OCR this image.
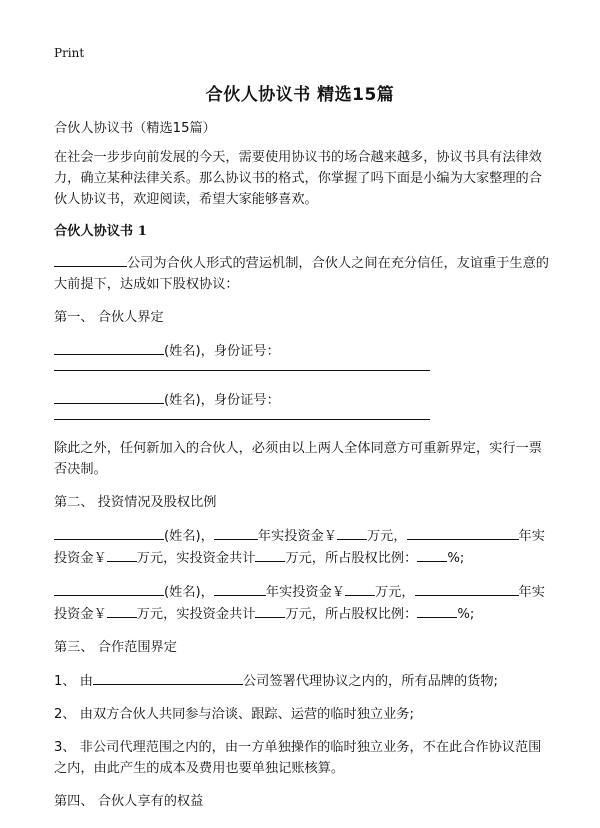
Print
合伙人协议书 精选15篇

合伙人协议书（精选15篇）

在社会一步步向前发展的今天，需要使用协议书的场合越来越多，协议书具有法律效力，确立某种法律关系。那么协议书的格式，你掌握了吗下面是小编为大家整理的合伙人协议书，欢迎阅读，希望大家能够喜欢。

合伙人协议书 1

公司为合伙人形式的营运机制，合伙人之间在充分信任，友谊重于生意的大前提下，达成如下股权协议：

第一、 合伙人界定

(姓名)，身份证号：

(姓名)，身份证号：

除此之外，任何新加入的合伙人，必须由以上两人全体同意方可重新界定，实行一票否决制。

第二、 投资情况及股权比例

(姓名)，	年实投资金￥ 万元，	年实投资金￥ 万元，实投资金共计 万元，所占股权比例： %;

(姓名)，	年实投资金￥ 万元，	年实投资金￥ 万元，实投资金共计 万元，所占股权比例：	%;

第三、 合作范围界定

1、 由	公司签署代理协议之内的，所有品牌的货物;

2、 由双方合伙人共同参与洽谈、跟踪、运营的临时独立业务;

3、 非公司代理范围之内的，由一方单独操作的临时独立业务，不在此合作协议范围之内，由此产生的成本及费用也要单独记账核算。

第四、 合伙人享有的权益
